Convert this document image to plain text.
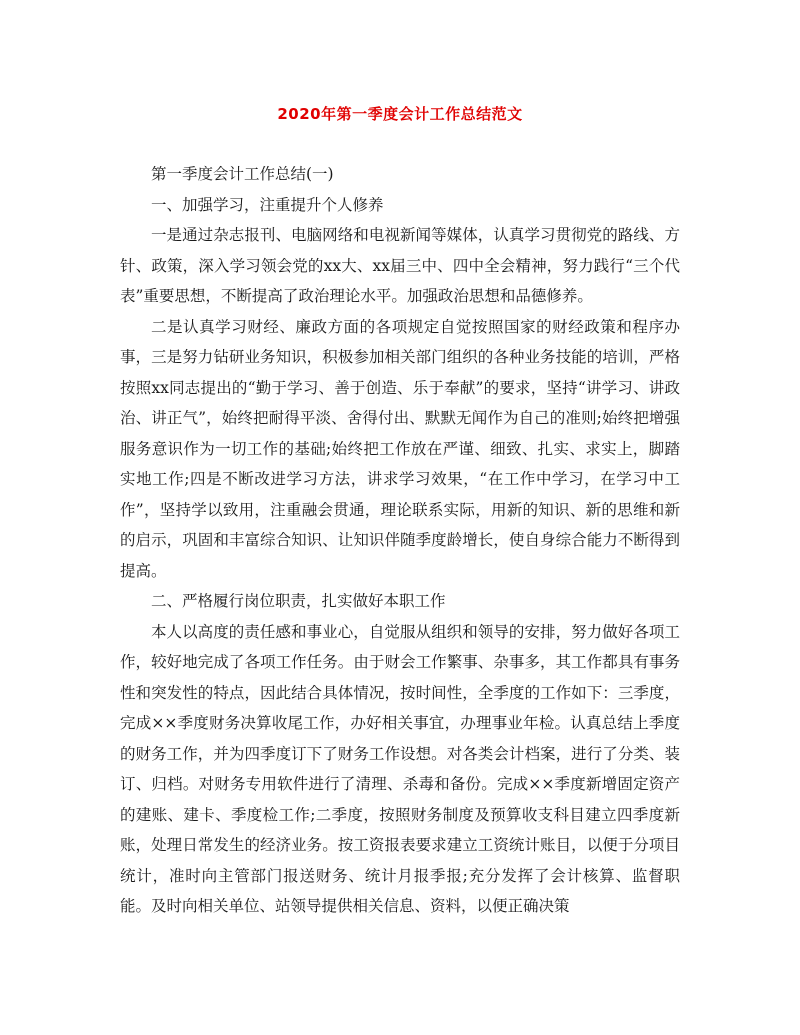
2020年第一季度会计工作总结范文

第一季度会计工作总结(一)

一、加强学习，注重提升个人修养

一是通过杂志报刊、电脑网络和电视新闻等媒体，认真学习贯彻党的路线、方针、政策，深入学习领会党的xx大、xx届三中、四中全会精神，努力践行“三个代表”重要思想，不断提高了政治理论水平。加强政治思想和品德修养。

二是认真学习财经、廉政方面的各项规定自觉按照国家的财经政策和程序办事，三是努力钻研业务知识，积极参加相关部门组织的各种业务技能的培训，严格按照xx同志提出的“勤于学习、善于创造、乐于奉献”的要求，坚持“讲学习、讲政治、讲正气”，始终把耐得平淡、舍得付出、默默无闻作为自己的准则;始终把增强服务意识作为一切工作的基础;始终把工作放在严谨、细致、扎实、求实上，脚踏实地工作;四是不断改进学习方法，讲求学习效果，“在工作中学习，在学习中工作”，坚持学以致用，注重融会贯通，理论联系实际，用新的知识、新的思维和新的启示，巩固和丰富综合知识、让知识伴随季度龄增长，使自身综合能力不断得到提高。

二、严格履行岗位职责，扎实做好本职工作

本人以高度的责任感和事业心，自觉服从组织和领导的安排，努力做好各项工作，较好地完成了各项工作任务。由于财会工作繁事、杂事多，其工作都具有事务性和突发性的特点，因此结合具体情况，按时间性，全季度的工作如下：三季度，完成××季度财务决算收尾工作，办好相关事宜，办理事业年检。认真总结上季度的财务工作，并为四季度订下了财务工作设想。对各类会计档案，进行了分类、装订、归档。对财务专用软件进行了清理、杀毒和备份。完成××季度新增固定资产的建账、建卡、季度检工作;二季度，按照财务制度及预算收支科目建立四季度新账，处理日常发生的经济业务。按工资报表要求建立工资统计账目，以便于分项目统计，准时向主管部门报送财务、统计月报季报;充分发挥了会计核算、监督职能。及时向相关单位、站领导提供相关信息、资料，以便正确决策
